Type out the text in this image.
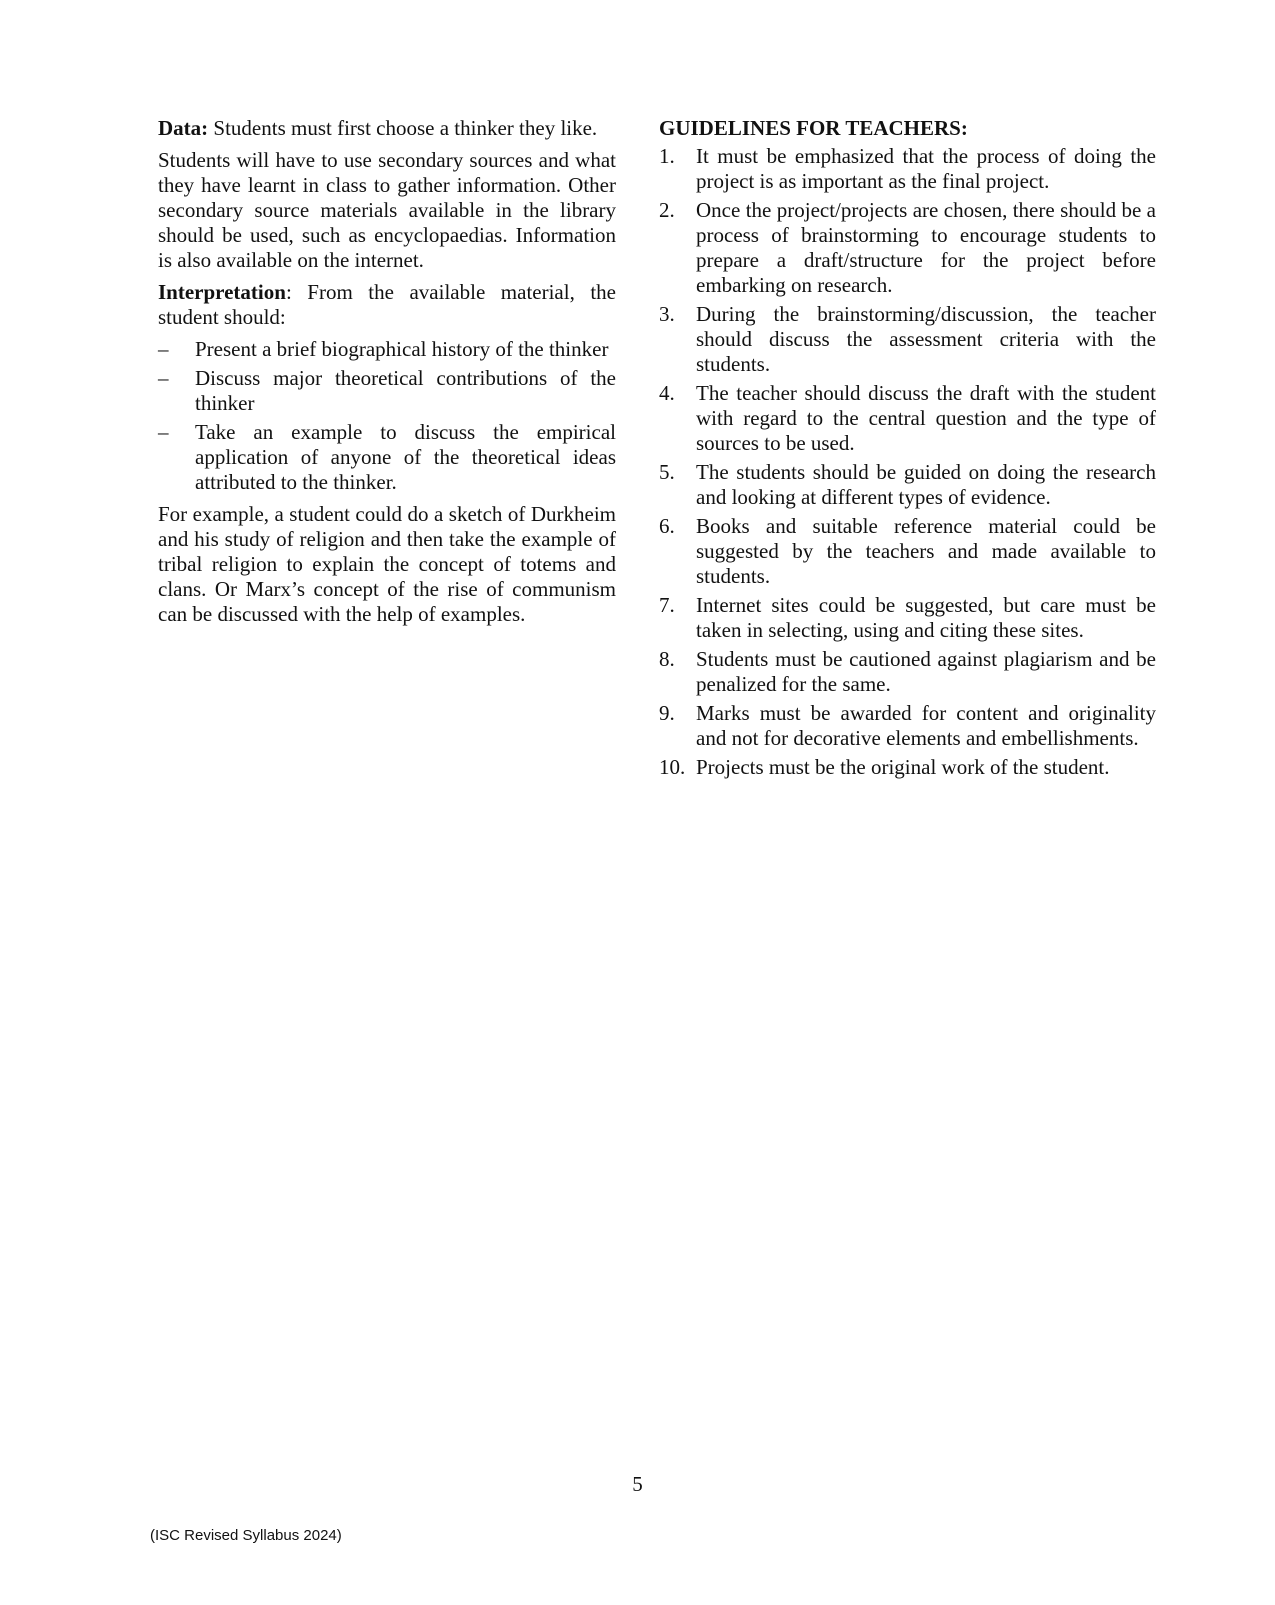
Data: Students must first choose a thinker they like.

Students will have to use secondary sources and what they have learnt in class to gather information. Other secondary source materials available in the library should be used, such as encyclopaedias. Information is also available on the internet.

Interpretation: From the available material, the student should:

– Present a brief biographical history of the thinker
– Discuss major theoretical contributions of the thinker
– Take an example to discuss the empirical application of anyone of the theoretical ideas attributed to the thinker.

For example, a student could do a sketch of Durkheim and his study of religion and then take the example of tribal religion to explain the concept of totems and clans. Or Marx’s concept of the rise of communism can be discussed with the help of examples.

GUIDELINES FOR TEACHERS:
1. It must be emphasized that the process of doing the project is as important as the final project.
2. Once the project/projects are chosen, there should be a process of brainstorming to encourage students to prepare a draft/structure for the project before embarking on research.
3. During the brainstorming/discussion, the teacher should discuss the assessment criteria with the students.
4. The teacher should discuss the draft with the student with regard to the central question and the type of sources to be used.
5. The students should be guided on doing the research and looking at different types of evidence.
6. Books and suitable reference material could be suggested by the teachers and made available to students.
7. Internet sites could be suggested, but care must be taken in selecting, using and citing these sites.
8. Students must be cautioned against plagiarism and be penalized for the same.
9. Marks must be awarded for content and originality and not for decorative elements and embellishments.
10. Projects must be the original work of the student.
5
(ISC Revised Syllabus 2024)
